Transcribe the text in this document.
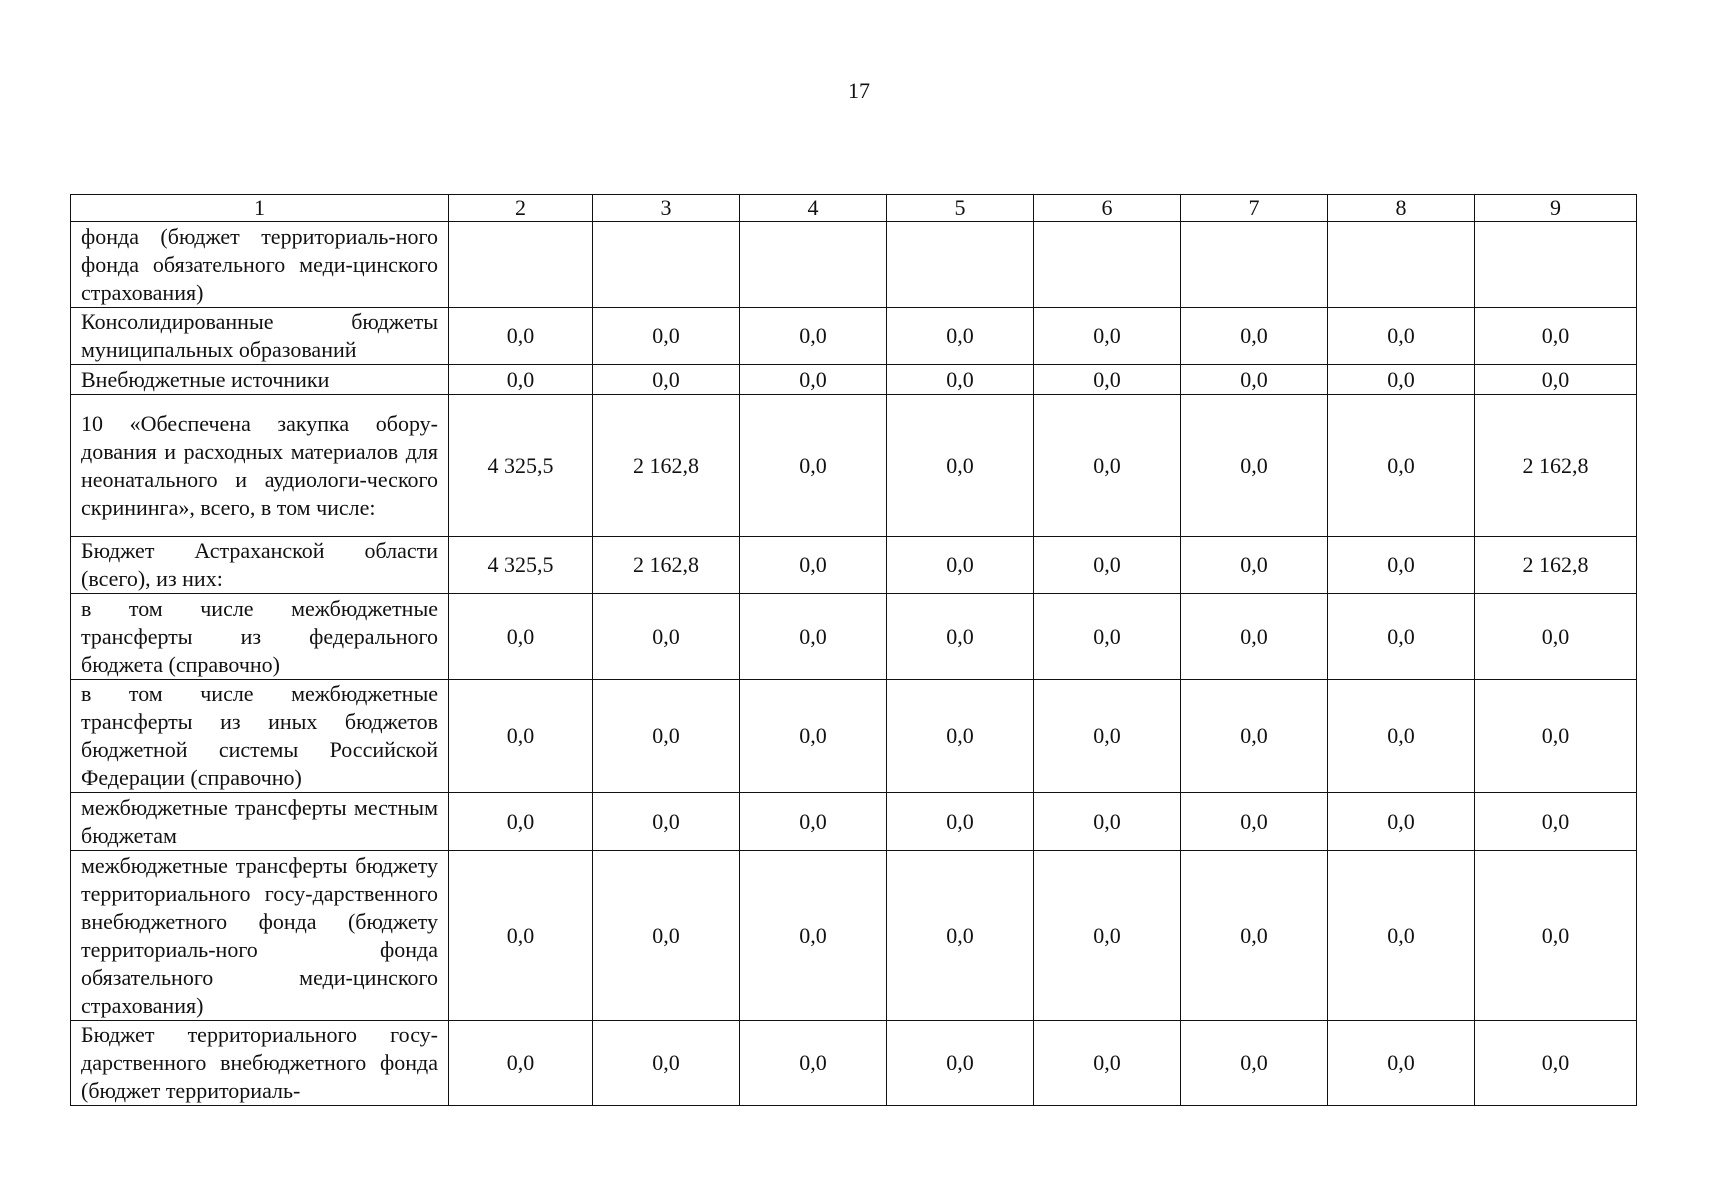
17
1	2	3	4	5	6	7	8	9
фонда (бюджет территориаль-ного фонда обязательного меди-цинского страхования)								
Консолидированные бюджеты муниципальных образований	0,0	0,0	0,0	0,0	0,0	0,0	0,0	0,0
Внебюджетные источники	0,0	0,0	0,0	0,0	0,0	0,0	0,0	0,0
10 «Обеспечена закупка обору-дования и расходных материалов для неонатального и аудиологи-ческого скрининга», всего, в том числе:	4 325,5	2 162,8	0,0	0,0	0,0	0,0	0,0	2 162,8
Бюджет Астраханской области (всего), из них:	4 325,5	2 162,8	0,0	0,0	0,0	0,0	0,0	2 162,8
в том числе межбюджетные трансферты из федерального бюджета (справочно)	0,0	0,0	0,0	0,0	0,0	0,0	0,0	0,0
в том числе межбюджетные трансферты из иных бюджетов бюджетной системы Российской Федерации (справочно)	0,0	0,0	0,0	0,0	0,0	0,0	0,0	0,0
межбюджетные трансферты местным бюджетам	0,0	0,0	0,0	0,0	0,0	0,0	0,0	0,0
межбюджетные трансферты бюджету территориального госу-дарственного внебюджетного фонда (бюджету территориаль-ного фонда обязательного меди-цинского страхования)	0,0	0,0	0,0	0,0	0,0	0,0	0,0	0,0
Бюджет территориального госу-дарственного внебюджетного фонда (бюджет территориаль-	0,0	0,0	0,0	0,0	0,0	0,0	0,0	0,0
